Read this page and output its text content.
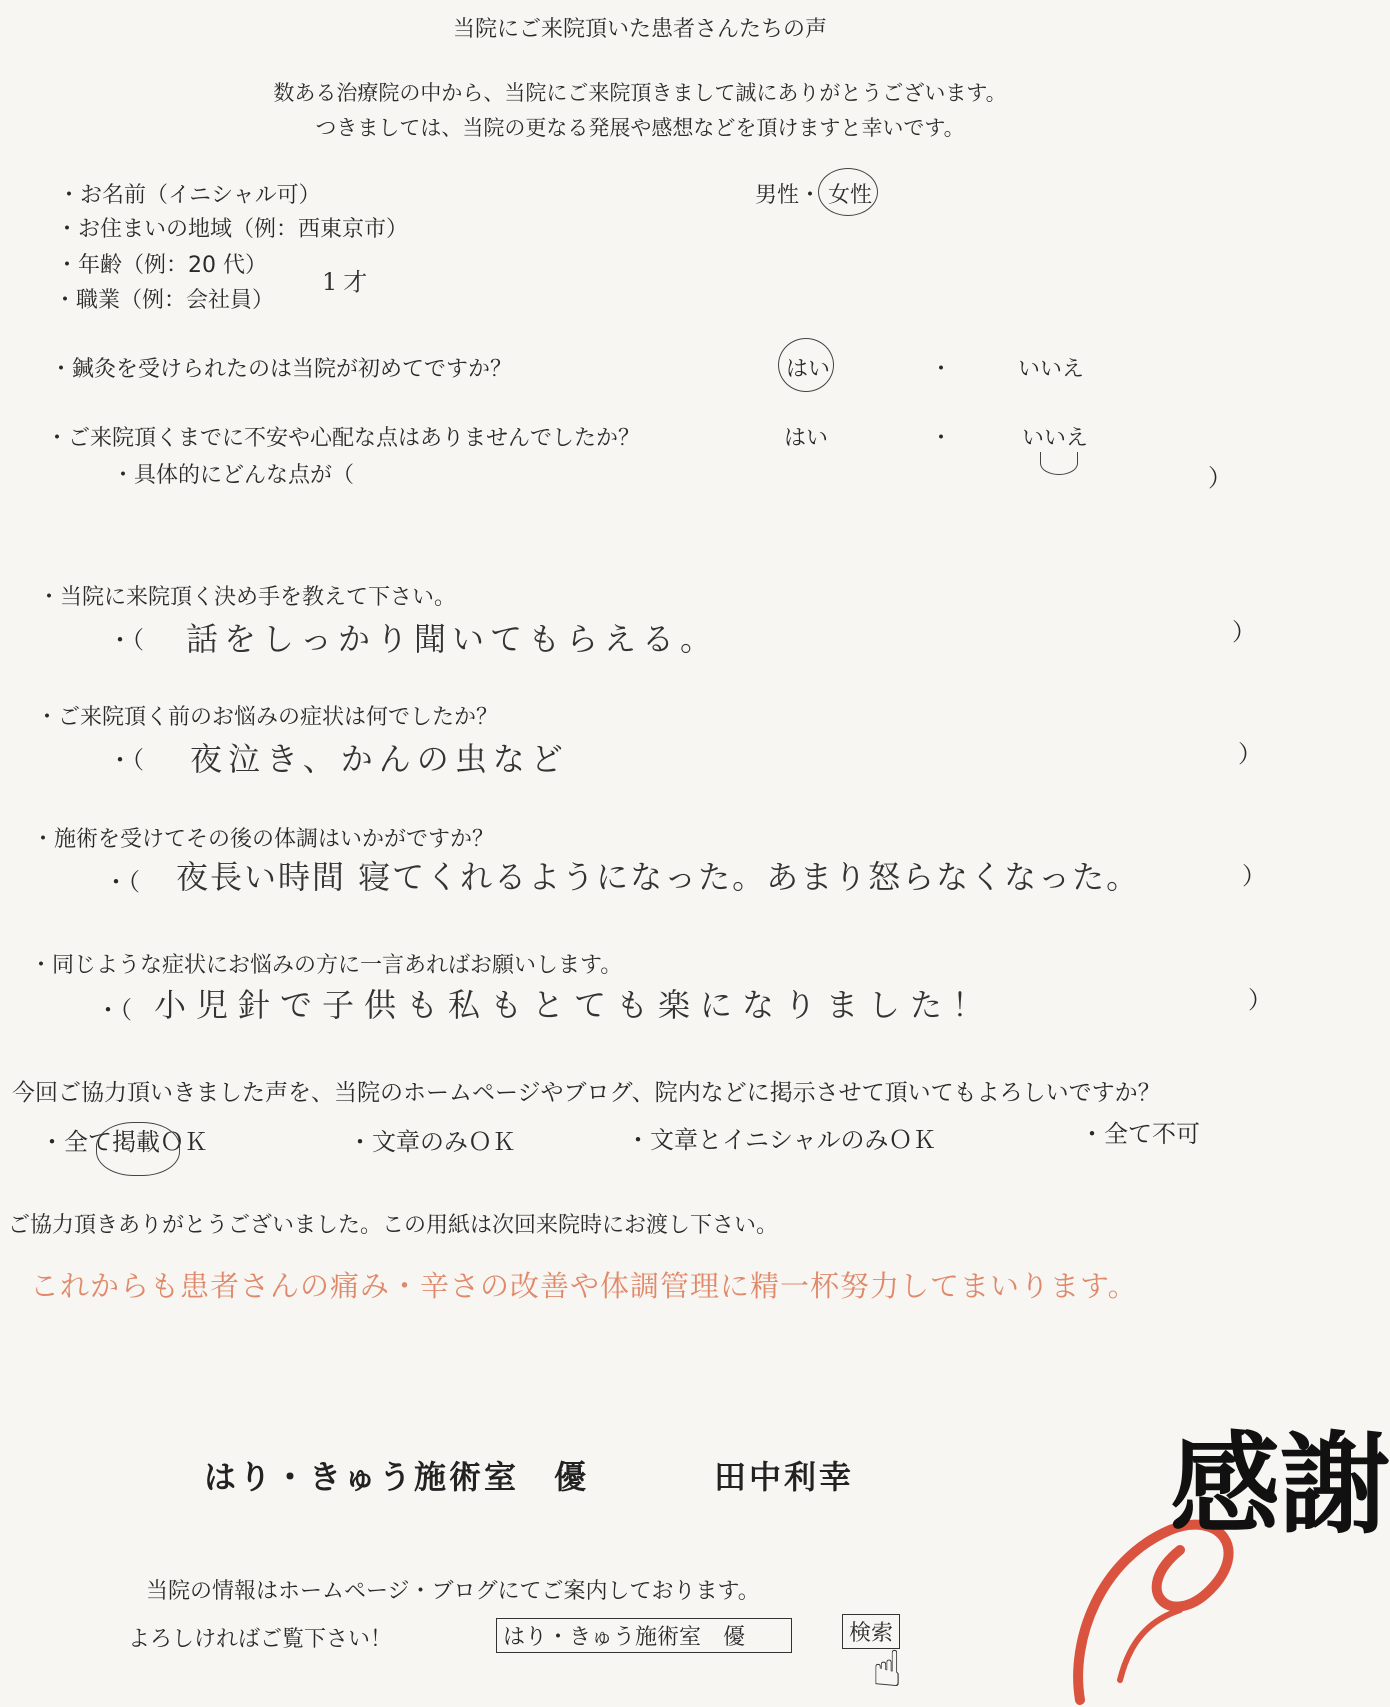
当院にご来院頂いた患者さんたちの声
数ある治療院の中から、当院にご来院頂きまして誠にありがとうございます。
つきましては、当院の更なる発展や感想などを頂けますと幸いです。
・お名前（イニシャル可）	男性・ 女性
・お住まいの地域（例：西東京市）
・年齢（例：20 代）
1才
・職業（例：会社員）
・鍼灸を受けられたのは当院が初めてですか？	はい	・	いいえ
・ご来院頂くまでに不安や心配な点はありませんでしたか？	はい	・	いいえ
・具体的にどんな点が（	）
・当院に来院頂く決め手を教えて下さい。
・（ 話をしっかり聞いてもらえる。	）
・ご来院頂く前のお悩みの症状は何でしたか？
・（ 夜泣き、かんの虫など	）
・施術を受けてその後の体調はいかがですか？
・（ 夜長い時間 寝てくれるようになった。あまり怒らなくなった。	）
・同じような症状にお悩みの方に一言あればお願いします。
・（ 小児針で子供も私もとても楽になりました！	）
今回ご協力頂いきました声を、当院のホームページやブログ、院内などに掲示させて頂いてもよろしいですか？
・全て掲載ＯＫ	・文章のみＯＫ	・文章とイニシャルのみＯＫ	・全て不可
ご協力頂きありがとうございました。この用紙は次回来院時にお渡し下さい。
これからも患者さんの痛み・辛さの改善や体調管理に精一杯努力してまいります。
はり・きゅう施術室　優	田中利幸
当院の情報はホームページ・ブログにてご案内しております。
よろしければご覧下さい！	はり・きゅう施術室　優	検索
☝
感謝
